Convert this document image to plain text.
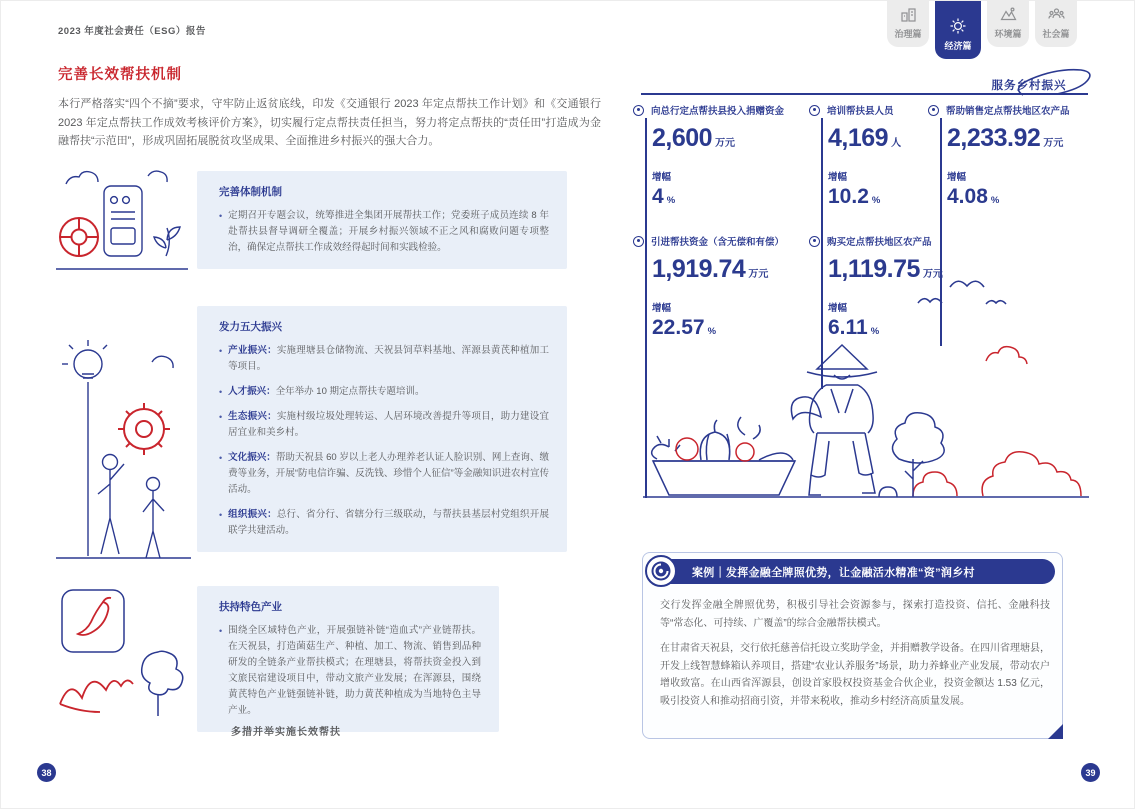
2023 年度社会责任（ESG）报告
完善长效帮扶机制
本行严格落实“四个不摘”要求，守牢防止返贫底线，印发《交通银行 2023 年定点帮扶工作计划》和《交通银行 2023 年定点帮扶工作成效考核评价方案》，切实履行定点帮扶责任担当，努力将定点帮扶的“责任田”打造成为金融帮扶“示范田”，形成巩固拓展脱贫攻坚成果、全面推进乡村振兴的强大合力。
完善体制机制
• 定期召开专题会议，统筹推进全集团开展帮扶工作；党委班子成员连续 8 年赴帮扶县督导调研全覆盖；开展乡村振兴领域不正之风和腐败问题专项整治，确保定点帮扶工作成效经得起时间和实践检验。
发力五大振兴
• 产业振兴：实施理塘县仓储物流、天祝县饲草料基地、浑源县黄芪种植加工等项目。
• 人才振兴：全年举办 10 期定点帮扶专题培训。
• 生态振兴：实施村级垃圾处理转运、人居环境改善提升等项目，助力建设宜居宜业和美乡村。
• 文化振兴：帮助天祝县 60 岁以上老人办理养老认证人脸识别、网上查询、缴费等业务，开展“防电信诈骗、反洗钱、珍惜个人征信”等金融知识进农村宣传活动。
• 组织振兴：总行、省分行、省辖分行三级联动，与帮扶县基层村党组织开展联学共建活动。
扶持特色产业
• 围绕全区域特色产业，开展强链补链“造血式”产业链帮扶。在天祝县，打造菌菇生产、种植、加工、物流、销售到品种研发的全链条产业帮扶模式；在理塘县，将帮扶资金投入到文旅民宿建设项目中，带动文旅产业发展；在浑源县，围绕黄芪特色产业链强链补链，助力黄芪种植成为当地特色主导产业。
多措并举实施长效帮扶
38
治理篇
经济篇
环境篇 社会篇
服务乡村振兴
向总行定点帮扶县投入捐赠资金
2,600 万元
增幅
4 %
培训帮扶县人员
4,169 人
增幅
10.2 %
帮助销售定点帮扶地区农产品
2,233.92 万元
增幅
4.08 %
引进帮扶资金（含无偿和有偿）
1,919.74 万元
增幅
22.57 %
购买定点帮扶地区农产品
1,119.75 万元
增幅
6.11 %
案例｜发挥金融全牌照优势，让金融活水精准“资”润乡村

交行发挥金融全牌照优势，积极引导社会资源参与，探索打造投资、信托、金融科技等“常态化、可持续、广覆盖”的综合金融帮扶模式。

在甘肃省天祝县，交行依托慈善信托设立奖助学金，并捐赠教学设备。在四川省理塘县，开发上线智慧蜂箱认养项目，搭建“农业认养服务”场景，助力养蜂业产业发展，带动农户增收致富。在山西省浑源县，创设首家股权投资基金合伙企业，投资金额达 1.53 亿元，吸引投资人和推动招商引资，并带来税收，推动乡村经济高质量发展。

39
